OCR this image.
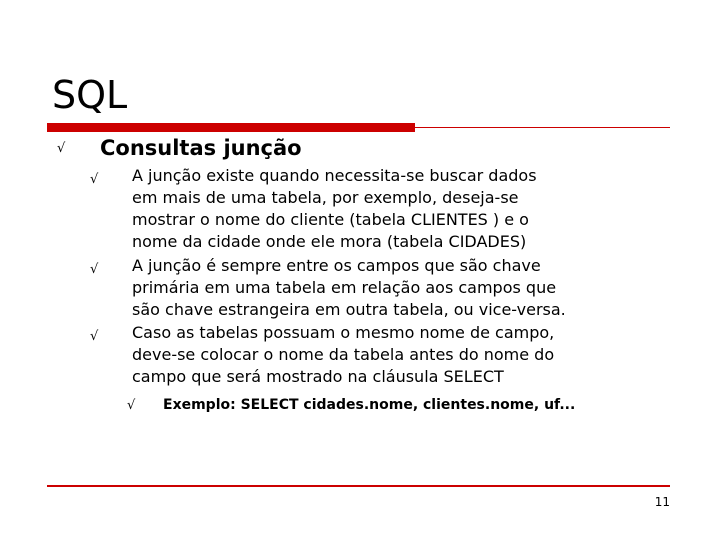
SQL
√ Consultas junção
√ A junção existe quando necessita-se buscar dados
em mais de uma tabela, por exemplo, deseja-se
mostrar o nome do cliente (tabela CLIENTES ) e o
nome da cidade onde ele mora (tabela CIDADES)
√ A junção é sempre entre os campos que são chave
primária em uma tabela em relação aos campos que
são chave estrangeira em outra tabela, ou vice-versa.
√ Caso as tabelas possuam o mesmo nome de campo,
deve-se colocar o nome da tabela antes do nome do
campo que será mostrado na cláusula SELECT
√ Exemplo: SELECT cidades.nome, clientes.nome, uf...
11
